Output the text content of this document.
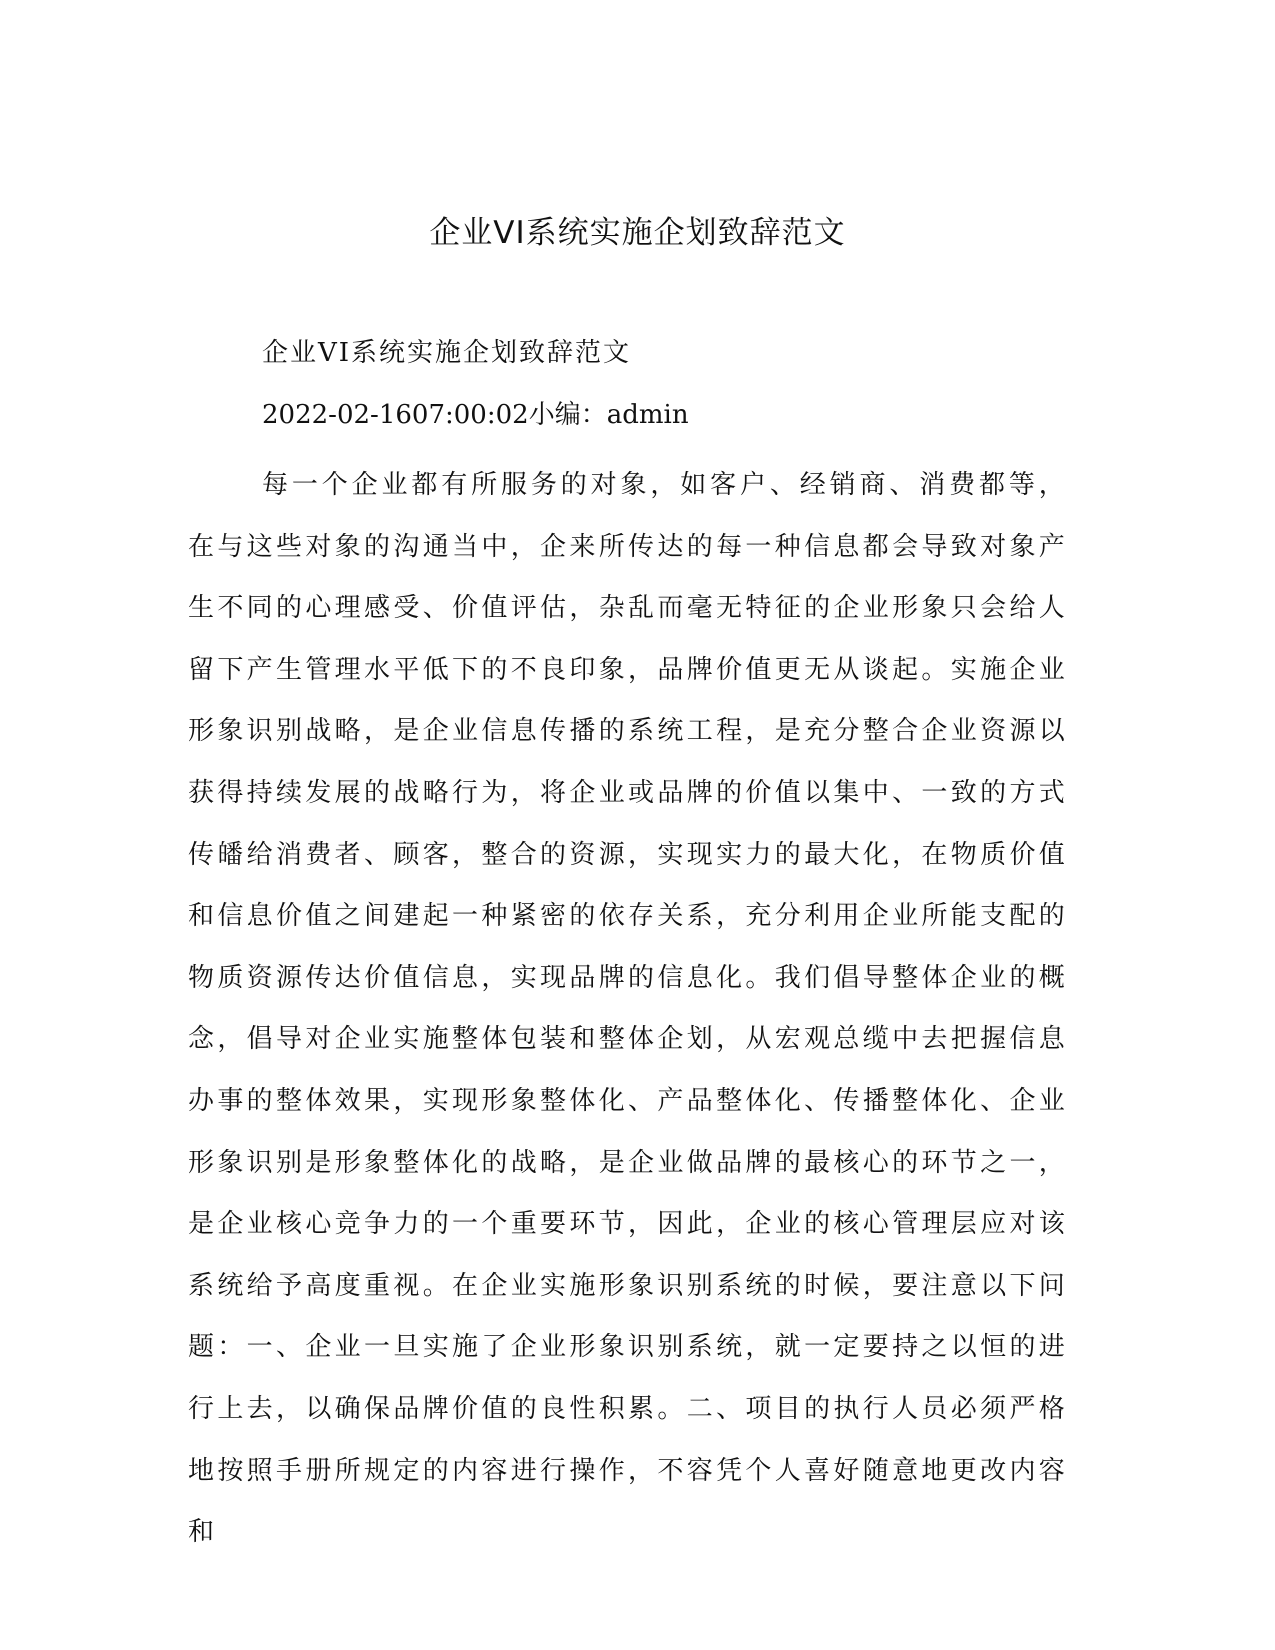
企业VI系统实施企划致辞范文
企业VI系统实施企划致辞范文
2022-02-1607:00:02小编：admin

每一个企业都有所服务的对象，如客户、经销商、消费都等，在与这些对象的沟通当中，企来所传达的每一种信息都会导致对象产生不同的心理感受、价值评估，杂乱而毫无特征的企业形象只会给人留下产生管理水平低下的不良印象，品牌价值更无从谈起。实施企业形象识别战略，是企业信息传播的系统工程，是充分整合企业资源以获得持续发展的战略行为，将企业或品牌的价值以集中、一致的方式传皤给消费者、顾客，整合的资源，实现实力的最大化，在物质价值和信息价值之间建起一种紧密的依存关系，充分利用企业所能支配的物质资源传达价值信息，实现品牌的信息化。我们倡导整体企业的概念，倡导对企业实施整体包装和整体企划，从宏观总缆中去把握信息办事的整体效果，实现形象整体化、产品整体化、传播整体化、企业形象识别是形象整体化的战略，是企业做品牌的最核心的环节之一，是企业核心竞争力的一个重要环节，因此，企业的核心管理层应对该系统给予高度重视。在企业实施形象识别系统的时候，要注意以下问题：一、企业一旦实施了企业形象识别系统，就一定要持之以恒的进行上去，以确保品牌价值的良性积累。二、项目的执行人员必须严格地按照手册所规定的内容进行操作，不容凭个人喜好随意地更改内容和
